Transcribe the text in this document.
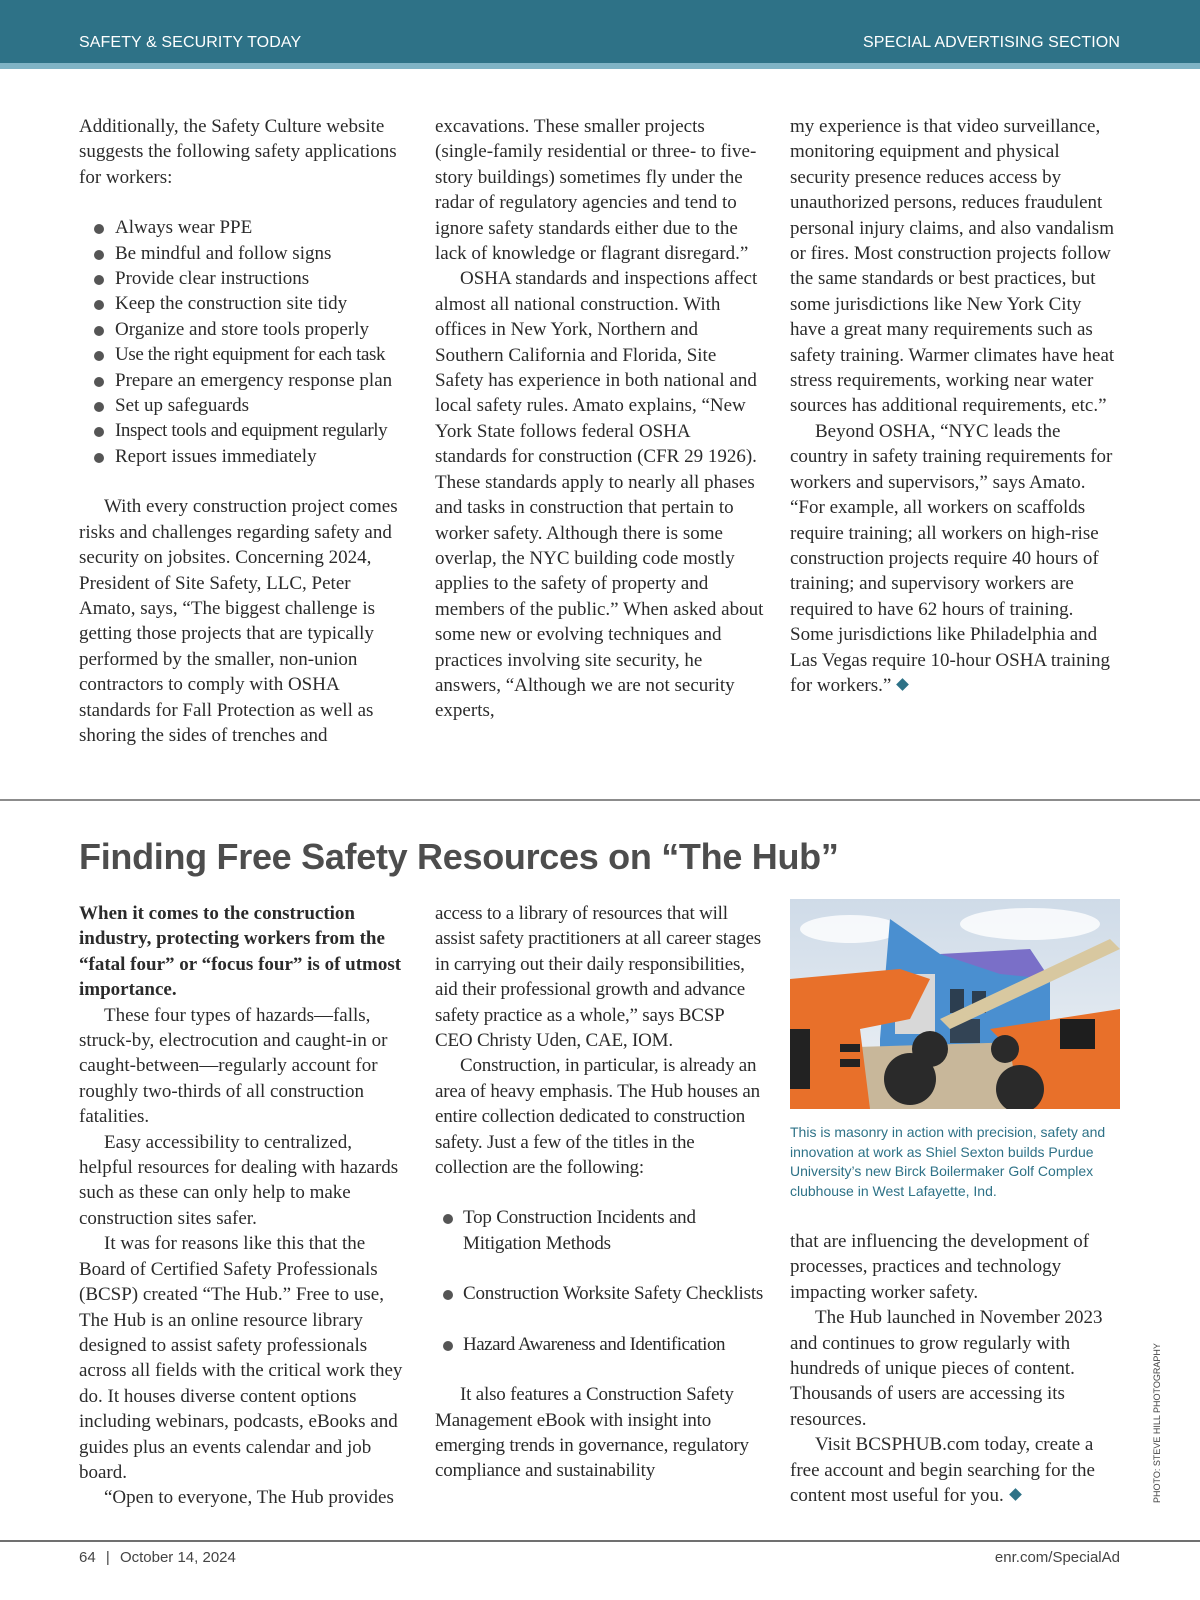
SAFETY & SECURITY TODAY	SPECIAL ADVERTISING SECTION

Additionally, the Safety Culture website suggests the following safety applications for workers:

Always wear PPE
Be mindful and follow signs
Provide clear instructions
Keep the construction site tidy
Organize and store tools properly
Use the right equipment for each task
Prepare an emergency response plan
Set up safeguards
Inspect tools and equipment regularly
Report issues immediately

With every construction project comes risks and challenges regarding safety and security on jobsites. Concerning 2024, President of Site Safety, LLC, Peter Amato, says, “The biggest challenge is getting those projects that are typically performed by the smaller, non-union contractors to comply with OSHA standards for Fall Protection as well as shoring the sides of trenches and

excavations. These smaller projects (single-family residential or three- to five-story buildings) sometimes fly under the radar of regulatory agencies and tend to ignore safety standards either due to the lack of knowledge or flagrant disregard.”

OSHA standards and inspections affect almost all national construction. With offices in New York, Northern and Southern California and Florida, Site Safety has experience in both national and local safety rules. Amato explains, “New York State follows federal OSHA standards for construction (CFR 29 1926). These standards apply to nearly all phases and tasks in construction that pertain to worker safety. Although there is some overlap, the NYC building code mostly applies to the safety of property and members of the public.” When asked about some new or evolving techniques and practices involving site security, he answers, “Although we are not security experts,

my experience is that video surveillance, monitoring equipment and physical security presence reduces access by unauthorized persons, reduces fraudulent personal injury claims, and also vandalism or fires. Most construction projects follow the same standards or best practices, but some jurisdictions like New York City have a great many requirements such as safety training. Warmer climates have heat stress requirements, working near water sources has additional requirements, etc.”

Beyond OSHA, “NYC leads the country in safety training requirements for workers and supervisors,” says Amato. “For example, all workers on scaffolds require training; all workers on high-rise construction projects require 40 hours of training; and supervisory workers are required to have 62 hours of training. Some jurisdictions like Philadelphia and Las Vegas require 10-hour OSHA training for workers.”

Finding Free Safety Resources on “The Hub”

When it comes to the construction industry, protecting workers from the “fatal four” or “focus four” is of utmost importance.

These four types of hazards—falls, struck-by, electrocution and caught-in or caught-between—regularly account for roughly two-thirds of all construction fatalities.

Easy accessibility to centralized, helpful resources for dealing with hazards such as these can only help to make construction sites safer.

It was for reasons like this that the Board of Certified Safety Professionals (BCSP) created “The Hub.” Free to use, The Hub is an online resource library designed to assist safety professionals across all fields with the critical work they do. It houses diverse content options including webinars, podcasts, eBooks and guides plus an events calendar and job board.

“Open to everyone, The Hub provides

access to a library of resources that will assist safety practitioners at all career stages in carrying out their daily responsibilities, aid their professional growth and advance safety practice as a whole,” says BCSP CEO Christy Uden, CAE, IOM.

Construction, in particular, is already an area of heavy emphasis. The Hub houses an entire collection dedicated to construction safety. Just a few of the titles in the collection are the following:

Top Construction Incidents and Mitigation Methods
Construction Worksite Safety Checklists
Hazard Awareness and Identification

It also features a Construction Safety Management eBook with insight into emerging trends in governance, regulatory compliance and sustainability

This is masonry in action with precision, safety and innovation at work as Shiel Sexton builds Purdue University’s new Birck Boilermaker Golf Complex clubhouse in West Lafayette, Ind.

that are influencing the development of processes, practices and technology impacting worker safety.

The Hub launched in November 2023 and continues to grow regularly with hundreds of unique pieces of content. Thousands of users are accessing its resources.

Visit BCSPHUB.com today, create a free account and begin searching for the content most useful for you.	PHOTO: STEVE HILL PHOTOGRAPHY
64 | October 14, 2024	enr.com/SpecialAd
